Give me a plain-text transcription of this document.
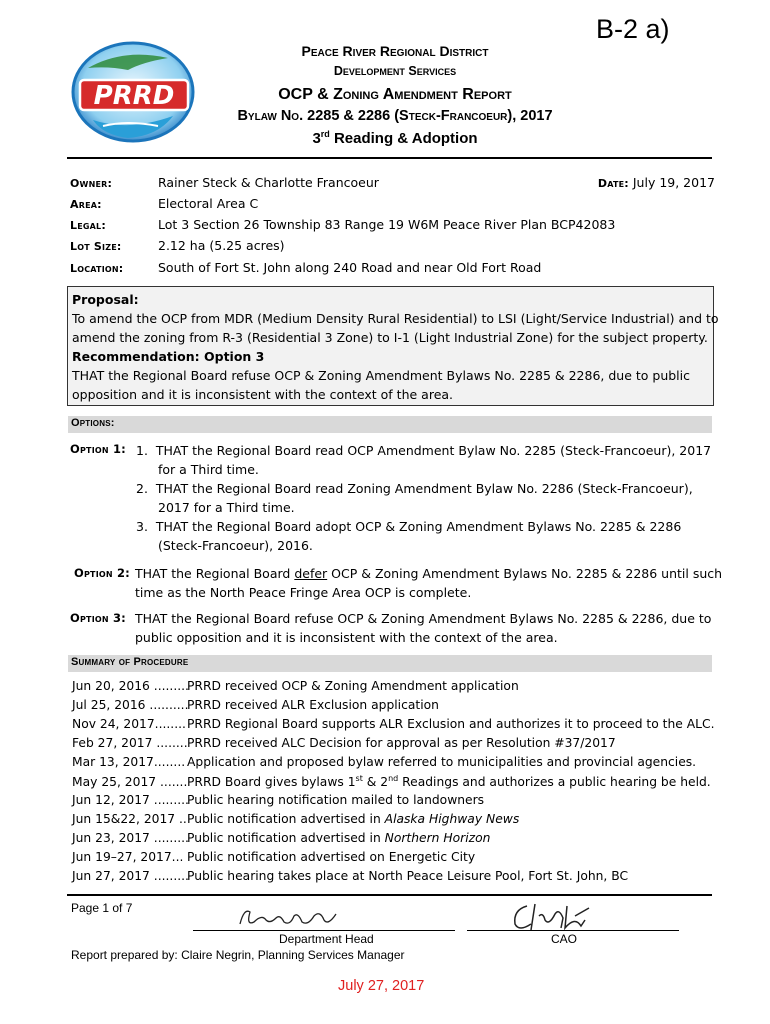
B-2 a)
PRRD
Peace River Regional District
Development Services
OCP & Zoning Amendment Report
Bylaw No. 2285 & 2286 (Steck-Francoeur), 2017
3rd Reading & Adoption
Owner:	Rainer Steck & Charlotte Francoeur	Date: July 19, 2017
Area:	Electoral Area C
Legal:	Lot 3 Section 26 Township 83 Range 19 W6M Peace River Plan BCP42083
Lot Size:	2.12 ha (5.25 acres)
Location:	South of Fort St. John along 240 Road and near Old Fort Road
Proposal:
To amend the OCP from MDR (Medium Density Rural Residential) to LSI (Light/Service Industrial) and to
amend the zoning from R-3 (Residential 3 Zone) to I-1 (Light Industrial Zone) for the subject property.
Recommendation: Option 3
THAT the Regional Board refuse OCP & Zoning Amendment Bylaws No. 2285 & 2286, due to public
opposition and it is inconsistent with the context of the area.
Options:
Option 1: 1. THAT the Regional Board read OCP Amendment Bylaw No. 2285 (Steck-Francoeur), 2017
for a Third time.
2. THAT the Regional Board read Zoning Amendment Bylaw No. 2286 (Steck-Francoeur),
2017 for a Third time.
3. THAT the Regional Board adopt OCP & Zoning Amendment Bylaws No. 2285 & 2286
(Steck-Francoeur), 2016.
Option 2: THAT the Regional Board defer OCP & Zoning Amendment Bylaws No. 2285 & 2286 until such
time as the North Peace Fringe Area OCP is complete.
Option 3: THAT the Regional Board refuse OCP & Zoning Amendment Bylaws No. 2285 & 2286, due to
public opposition and it is inconsistent with the context of the area.
Summary of Procedure
Jun 20, 2016 .........PRRD received OCP & Zoning Amendment application
Jul 25, 2016 ..........PRRD received ALR Exclusion application
Nov 24, 2017........PRRD Regional Board supports ALR Exclusion and authorizes it to proceed to the ALC.
Feb 27, 2017 ........PRRD received ALC Decision for approval as per Resolution #37/2017
Mar 13, 2017........ Application and proposed bylaw referred to municipalities and provincial agencies.
May 25, 2017 .......PRRD Board gives bylaws 1st & 2nd Readings and authorizes a public hearing be held.
Jun 12, 2017 .........Public hearing notification mailed to landowners
Jun 15&22, 2017 ..Public notification advertised in Alaska Highway News
Jun 23, 2017 .........Public notification advertised in Northern Horizon
Jun 19–27, 2017... Public notification advertised on Energetic City
Jun 27, 2017 .........Public hearing takes place at North Peace Leisure Pool, Fort St. John, BC
Page 1 of 7
Department Head	CAO
Report prepared by: Claire Negrin, Planning Services Manager
July 27, 2017
